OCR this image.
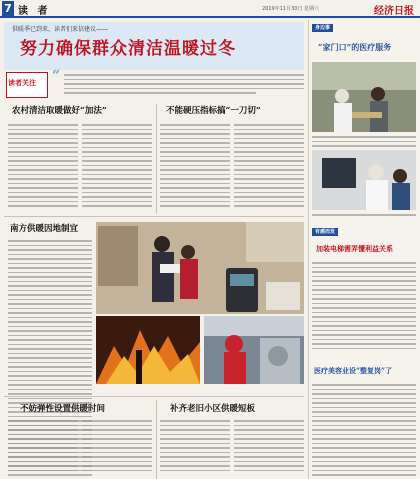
7 读 者	2019年11月30日 星期六	经济日报
供暖季已到来，读者们来信建议——
努力确保群众清洁温暖过冬
读者关注 “
农村清洁取暖做好“加法”	不能硬压指标搞“一刀切”
南方供暖因地制宜
不妨弹性设置供暖时间	补齐老旧小区供暖短板
身边事
“家门口”的医疗服务
有感而发
加装电梯需弄懂利益关系
医疗美容业设“整复岗”了
